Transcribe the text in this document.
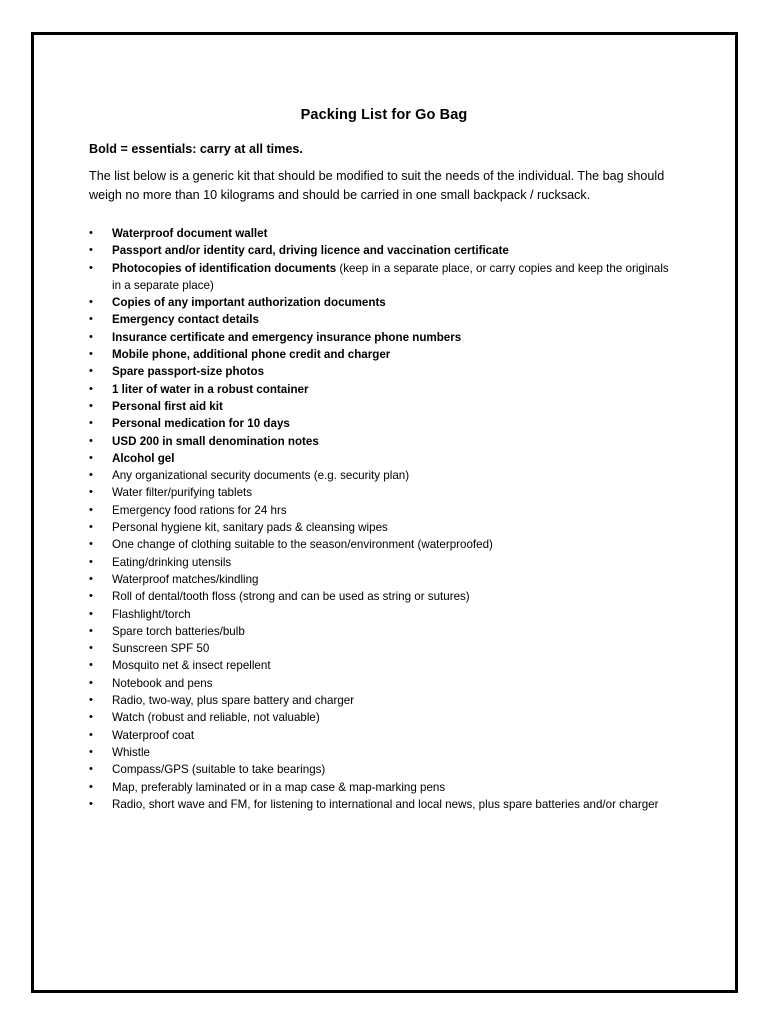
Packing List for Go Bag
Bold = essentials: carry at all times.
The list below is a generic kit that should be modified to suit the needs of the individual. The bag should weigh no more than 10 kilograms and should be carried in one small backpack / rucksack.
•	Waterproof document wallet
•	Passport and/or identity card, driving licence and vaccination certificate
•	Photocopies of identification documents (keep in a separate place, or carry copies and keep the originals in a separate place)
•	Copies of any important authorization documents
•	Emergency contact details
•	Insurance certificate and emergency insurance phone numbers
•	Mobile phone, additional phone credit and charger
•	Spare passport-size photos
•	1 liter of water in a robust container
•	Personal first aid kit
•	Personal medication for 10 days
•	USD 200 in small denomination notes
•	Alcohol gel
•	Any organizational security documents (e.g. security plan)
•	Water filter/purifying tablets
•	Emergency food rations for 24 hrs
•	Personal hygiene kit, sanitary pads & cleansing wipes
•	One change of clothing suitable to the season/environment (waterproofed)
•	Eating/drinking utensils
•	Waterproof matches/kindling
•	Roll of dental/tooth floss (strong and can be used as string or sutures)
•	Flashlight/torch
•	Spare torch batteries/bulb
•	Sunscreen SPF 50
•	Mosquito net & insect repellent
•	Notebook and pens
•	Radio, two-way, plus spare battery and charger
•	Watch (robust and reliable, not valuable)
•	Waterproof coat
•	Whistle
•	Compass/GPS (suitable to take bearings)
•	Map, preferably laminated or in a map case & map-marking pens
•	Radio, short wave and FM, for listening to international and local news, plus spare batteries and/or charger
